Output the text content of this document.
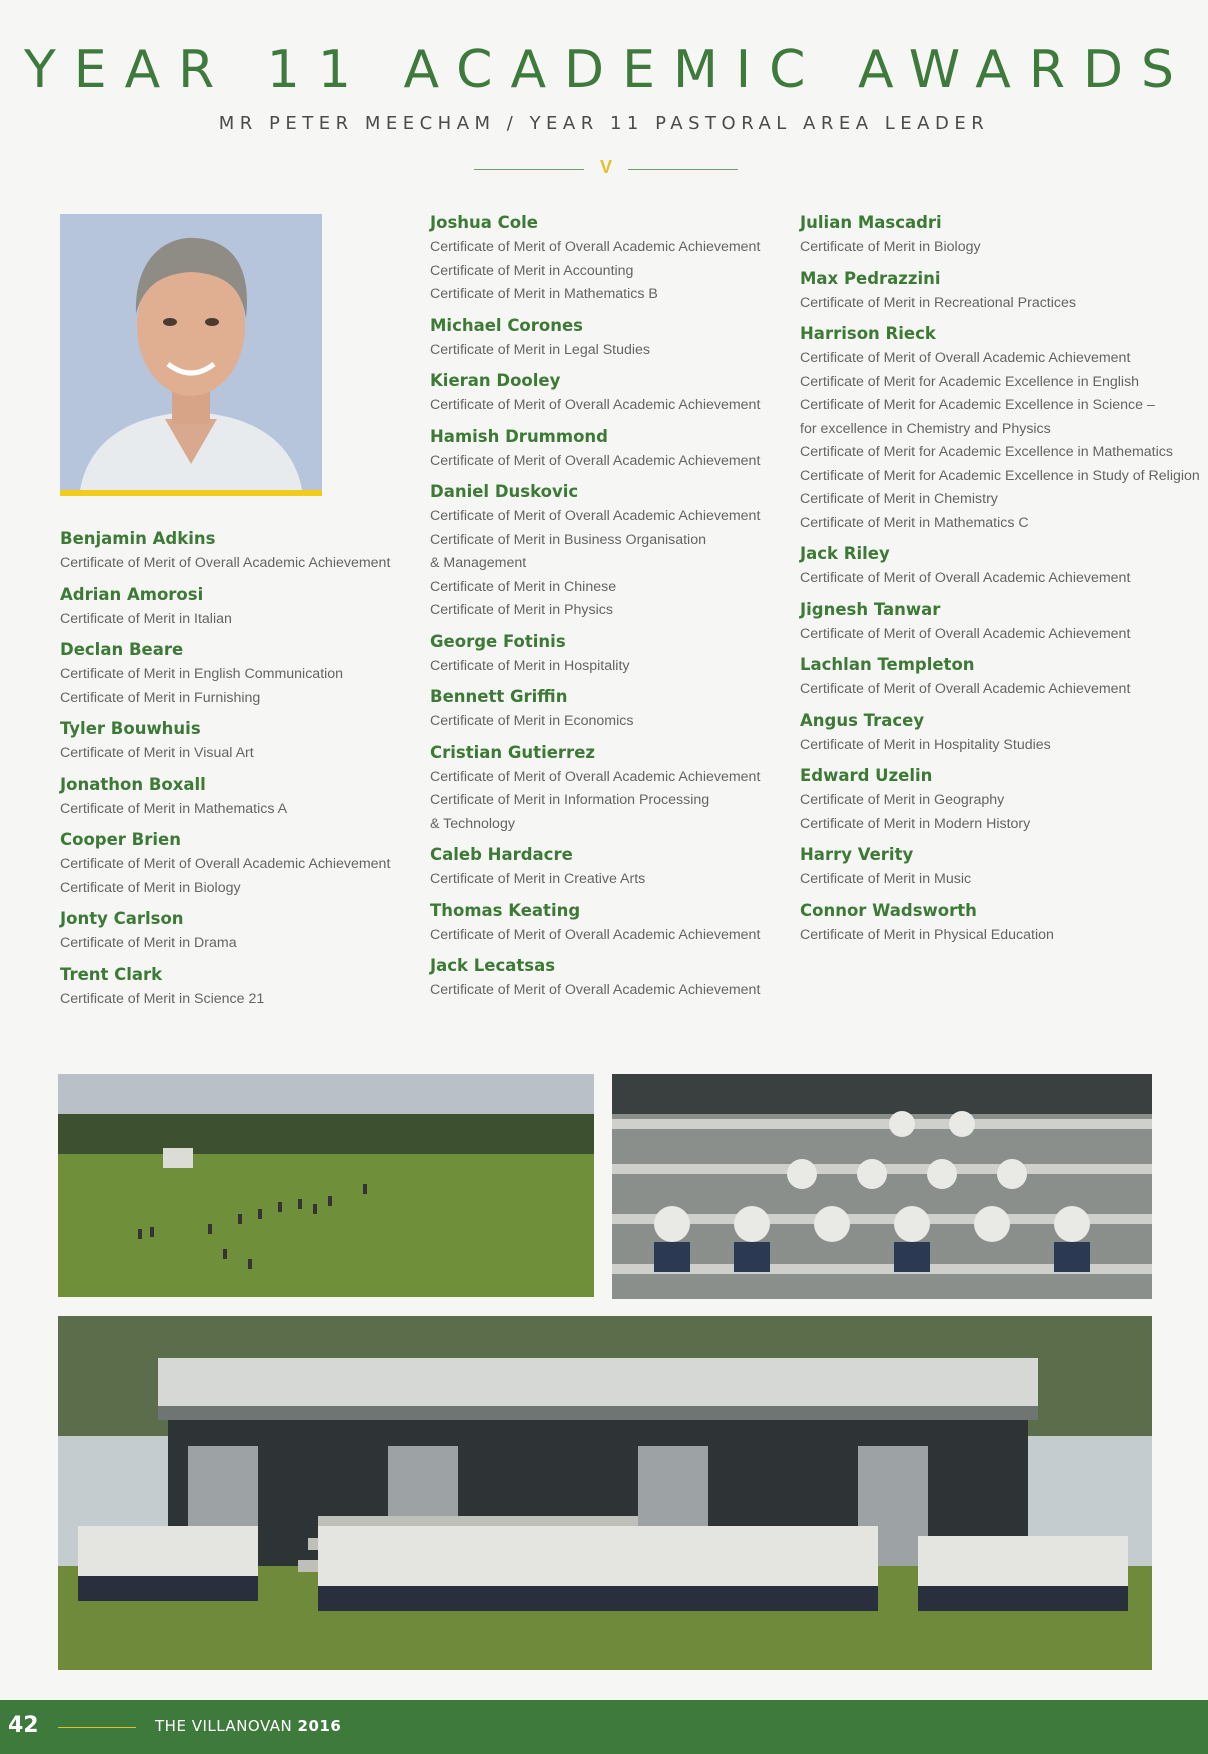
YEAR 11 ACADEMIC AWARDS
MR PETER MEECHAM / YEAR 11 PASTORAL AREA LEADER
V
Benjamin Adkins
Certificate of Merit of Overall Academic Achievement
Adrian Amorosi
Certificate of Merit in Italian
Declan Beare
Certificate of Merit in English Communication
Certificate of Merit in Furnishing
Tyler Bouwhuis
Certificate of Merit in Visual Art
Jonathon Boxall
Certificate of Merit in Mathematics A
Cooper Brien
Certificate of Merit of Overall Academic Achievement
Certificate of Merit in Biology
Jonty Carlson
Certificate of Merit in Drama
Trent Clark
Certificate of Merit in Science 21
Joshua Cole
Certificate of Merit of Overall Academic Achievement
Certificate of Merit in Accounting
Certificate of Merit in Mathematics B
Michael Corones
Certificate of Merit in Legal Studies
Kieran Dooley
Certificate of Merit of Overall Academic Achievement
Hamish Drummond
Certificate of Merit of Overall Academic Achievement
Daniel Duskovic
Certificate of Merit of Overall Academic Achievement
Certificate of Merit in Business Organisation
& Management
Certificate of Merit in Chinese
Certificate of Merit in Physics
George Fotinis
Certificate of Merit in Hospitality
Bennett Griffin
Certificate of Merit in Economics
Cristian Gutierrez
Certificate of Merit of Overall Academic Achievement
Certificate of Merit in Information Processing
& Technology
Caleb Hardacre
Certificate of Merit in Creative Arts
Thomas Keating
Certificate of Merit of Overall Academic Achievement
Jack Lecatsas
Certificate of Merit of Overall Academic Achievement
Julian Mascadri
Certificate of Merit in Biology
Max Pedrazzini
Certificate of Merit in Recreational Practices
Harrison Rieck
Certificate of Merit of Overall Academic Achievement
Certificate of Merit for Academic Excellence in English
Certificate of Merit for Academic Excellence in Science –
for excellence in Chemistry and Physics
Certificate of Merit for Academic Excellence in Mathematics
Certificate of Merit for Academic Excellence in Study of Religion
Certificate of Merit in Chemistry
Certificate of Merit in Mathematics C
Jack Riley
Certificate of Merit of Overall Academic Achievement
Jignesh Tanwar
Certificate of Merit of Overall Academic Achievement
Lachlan Templeton
Certificate of Merit of Overall Academic Achievement
Angus Tracey
Certificate of Merit in Hospitality Studies
Edward Uzelin
Certificate of Merit in Geography
Certificate of Merit in Modern History
Harry Verity
Certificate of Merit in Music
Connor Wadsworth
Certificate of Merit in Physical Education
42	THE VILLANOVAN 2016
